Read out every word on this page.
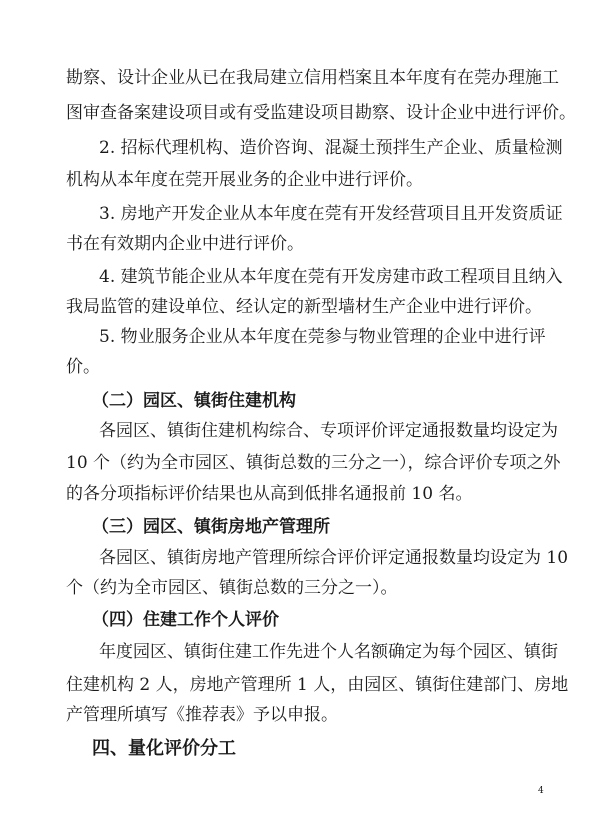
勘察、设计企业从已在我局建立信用档案且本年度有在莞办理施工
图审查备案建设项目或有受监建设项目勘察、设计企业中进行评价。
2. 招标代理机构、造价咨询、混凝土预拌生产企业、质量检测
机构从本年度在莞开展业务的企业中进行评价。
3. 房地产开发企业从本年度在莞有开发经营项目且开发资质证
书在有效期内企业中进行评价。
4. 建筑节能企业从本年度在莞有开发房建市政工程项目且纳入
我局监管的建设单位、经认定的新型墙材生产企业中进行评价。
5. 物业服务企业从本年度在莞参与物业管理的企业中进行评
价。
（二）园区、镇街住建机构
各园区、镇街住建机构综合、专项评价评定通报数量均设定为
10 个（约为全市园区、镇街总数的三分之一），综合评价专项之外
的各分项指标评价结果也从高到低排名通报前 10 名。
（三）园区、镇街房地产管理所
各园区、镇街房地产管理所综合评价评定通报数量均设定为 10
个（约为全市园区、镇街总数的三分之一）。
（四）住建工作个人评价
年度园区、镇街住建工作先进个人名额确定为每个园区、镇街
住建机构 2 人，房地产管理所 1 人，由园区、镇街住建部门、房地
产管理所填写《推荐表》予以申报。
四、量化评价分工
4
